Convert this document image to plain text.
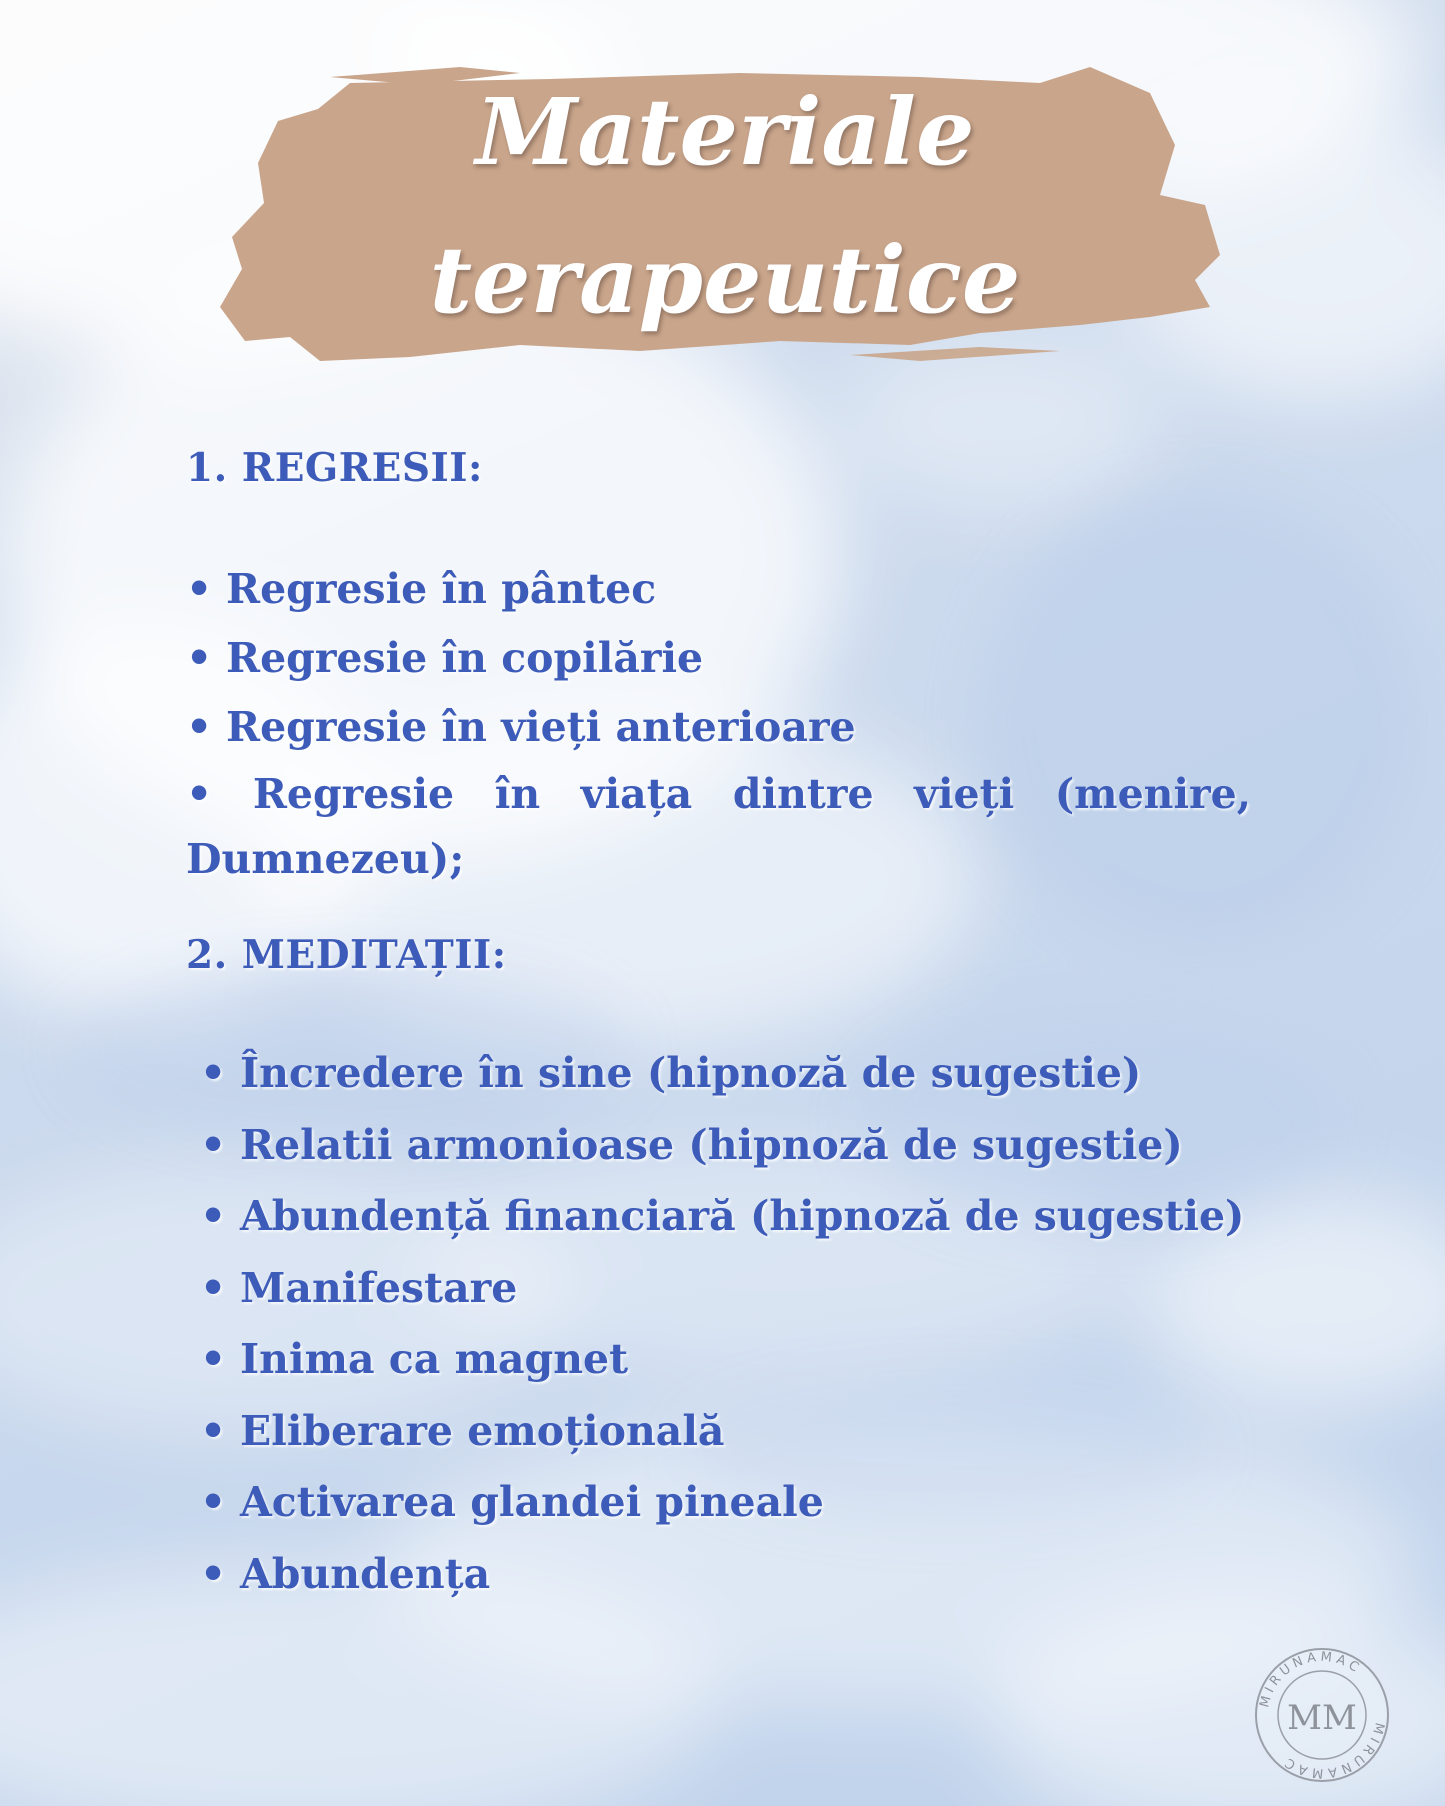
Materiale
terapeutice
1. REGRESII:
• Regresie în pântec
• Regresie în copilărie
• Regresie în vieți anterioare
• Regresie în viața dintre vieți (menire, Dumnezeu);
2. MEDITAȚII:
• Încredere în sine (hipnoză de sugestie)
• Relatii armonioase (hipnoză de sugestie)
• Abundență financiară (hipnoză de sugestie)
• Manifestare
• Inima ca magnet
• Eliberare emoțională
• Activarea glandei pineale
• Abundența
MIRUNAMAC
MIRUNAMAC
MM
